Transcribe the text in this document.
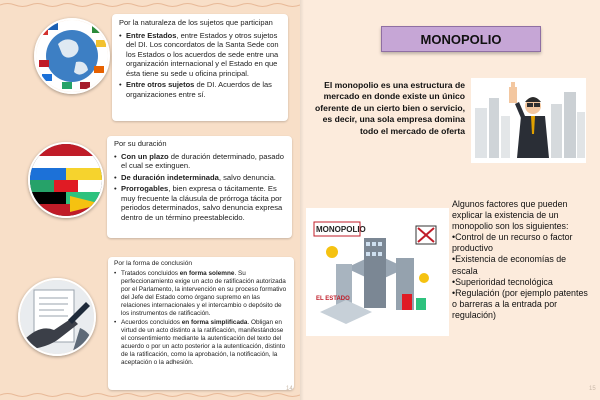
Por la naturaleza de los sujetos que participan
• Entre Estados, entre Estados y otros sujetos del DI. Los concordatos de la Santa Sede con los Estados o los acuerdos de sede entre una organización internacional y el Estado en que ésta tiene su sede u oficina principal.
• Entre otros sujetos de DI. Acuerdos de las organizaciones entre sí.
Por su duración
• Con un plazo de duración determinado, pasado el cual se extinguen.
• De duración indeterminada, salvo denuncia.
• Prorrogables, bien expresa o tácitamente. Es muy frecuente la cláusula de prórroga tácita por periodos determinados, salvo denuncia expresa dentro de un término preestablecido.
Por la forma de conclusión
• Tratados concluidos en forma solemne. Su perfeccionamiento exige un acto de ratificación autorizada por el Parlamento, la intervención en su proceso formativo del Jefe del Estado como órgano supremo en las relaciones internacionales y el intercambio o depósito de los instrumentos de ratificación.
• Acuerdos concluidos en forma simplificada. Obligan en virtud de un acto distinto a la ratificación, manifestándose el consentimiento mediante la autenticación del texto del acuerdo o por un acto posterior a la autenticación, distinto de la ratificación, como la aprobación, la notificación, la aceptación o la adhesión.
14
MONOPOLIO
El monopolio es una estructura de mercado en donde existe un único oferente de un cierto bien o servicio, es decir, una sola empresa domina todo el mercado de oferta
MONOPOLIO
EL ESTADO
Algunos factores que pueden explicar la existencia de un monopolio son los siguientes:
•Control de un recurso o factor productivo
•Existencia de economías de escala
•Superioridad tecnológica
•Regulación (por ejemplo patentes o barreras a la entrada por regulación)
15
